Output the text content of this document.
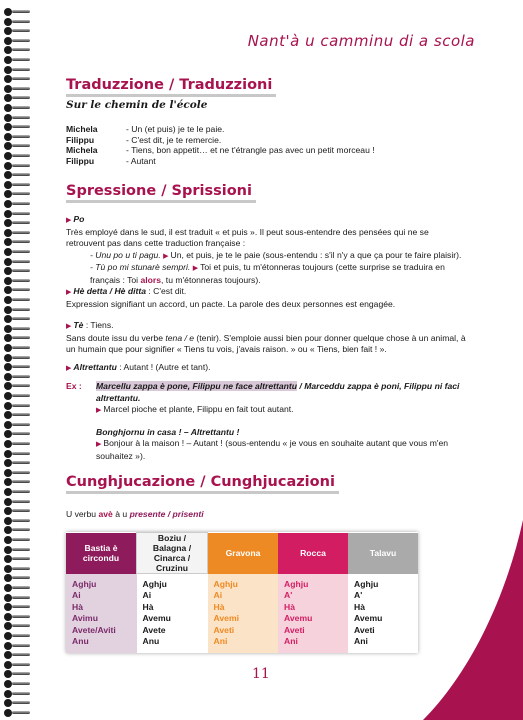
Nant'à u camminu di a scola
Traduzzione / Traduzzioni
Sur le chemin de l'école
Michela	- Un (et puis) je te le paie.
Filippu	- C'est dit, je te remercie.
Michela	- Tiens, bon appetit… et ne t'étrangle pas avec un petit morceau !
Filippu	- Autant
Spressione / Sprissioni
▶ Po
Très employé dans le sud, il est traduit « et puis ». Il peut sous-entendre des pensées qui ne se retrouvent pas dans cette traduction française :
- Unu po u ti pagu. ▶ Un, et puis, je te le paie (sous-entendu : s'il n'y a que ça pour te faire plaisir).
- Tù po mi stunarè sempri. ▶ Toi et puis, tu m'étonneras toujours (cette surprise se traduira en français : Toi alors, tu m'étonneras toujours).
▶ Hè detta / Hè ditta : C'est dit.
Expression signifiant un accord, un pacte. La parole des deux personnes est engagée.
▶ Tè : Tiens.
Sans doute issu du verbe tena / e (tenir). S'emploie aussi bien pour donner quelque chose à un animal, à un humain que pour signifier « Tiens tu vois, j'avais raison. » ou « Tiens, bien fait ! ».
▶ Altrettantu : Autant ! (Autre et tant).
Ex : Marcellu zappa è pone, Filippu ne face altrettantu / Marceddu zappa è poni, Filippu ni faci altrettantu.
▶ Marcel pioche et plante, Filippu en fait tout autant.
Bonghjornu in casa ! – Altrettantu !
▶ Bonjour à la maison ! – Autant ! (sous-entendu « je vous en souhaite autant que vous m'en souhaitez »).
Cunghjucazione / Cunghjucazioni
U verbu avè à u presente / prisenti
Bastia è circondu	Boziu / Balagna / Cinarca / Cruzinu	Gravona	Rocca	Talavu
Aghju	Aghju	Aghju	Aghju	Aghju
Ai	Ai	Ai	A'	A'
Hà	Hà	Hà	Hà	Hà
Avimu	Avemu	Avemi	Avemu	Avemu
Avete/Aviti	Avete	Aveti	Aveti	Aveti
Anu	Anu	Ani	Ani	Ani
11
